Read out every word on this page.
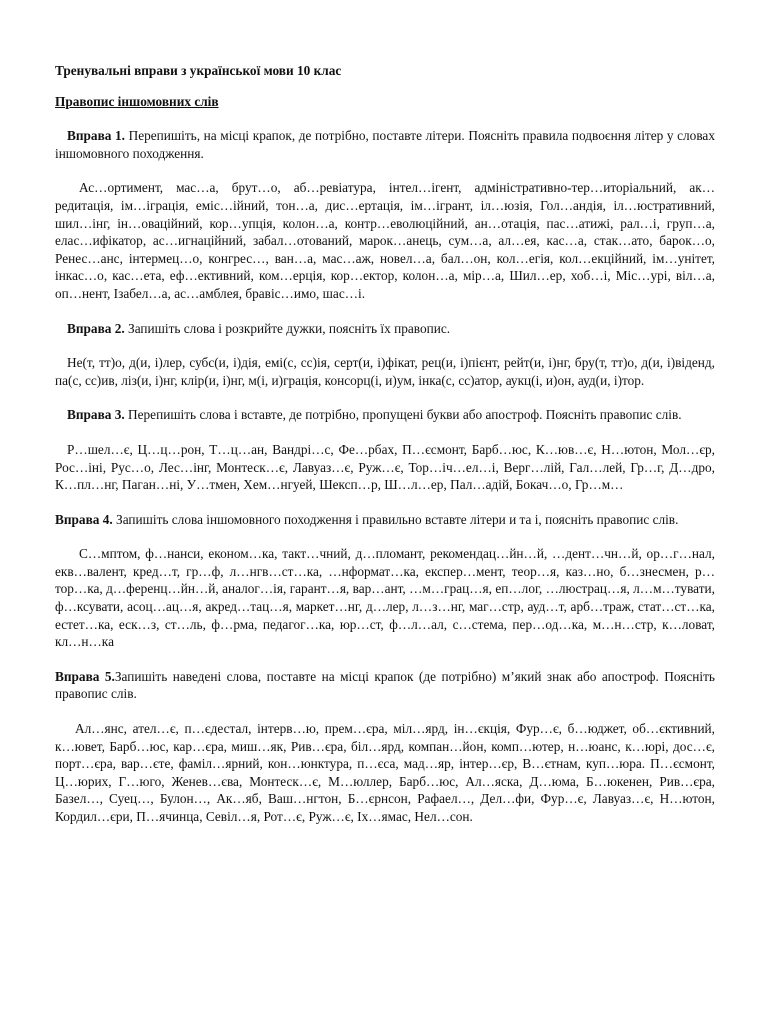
Тренувальні вправи з української мови 10 клас
Правопис іншомовних слів
Вправа 1. Перепишіть, на місці крапок, де потрібно, поставте літери. Поясніть правила подвоєння літер у словах іншомовного походження.
Ас…ортимент, мас…а, брут…о, аб…ревіатура, інтел…ігент, адміністративно-тер…иторіальний, ак…редитація, ім…іграція, еміс…ійний, тон…а, дис…ертація, ім…ігрант, іл…юзія, Гол…андія, іл…юстративний, шил…інг, ін…оваційний, кор…упція, колон…а, контр…еволюційний, ан…отація, пас…атижі, рал…і, груп…а, елас…ифікатор, ас…игнаційний, забал…отований, марок…анець, сум…а, ал…ея, кас…а, стак…ато, барок…о, Ренес…анс, інтермец…о, конгрес…, ван…а, мас…аж, новел…а, бал…он, кол…егія, кол…екційний, ім…унітет, інкас…о, кас…ета, еф…ективний, ком…ерція, кор…ектор, колон…а, мір…а, Шил…ер, хоб…і, Міс…урі, віл…а, оп…нент, Ізабел…а, ас…амблея, бравіс…имо, шас…і.
Вправа 2. Запишіть слова і розкрийте дужки, поясніть їх правопис.
Не(т, тт)о, д(и, і)лер, субс(и, і)дія, емі(с, сс)ія, серт(и, і)фікат, рец(и, і)пієнт, рейт(и, і)нг, бру(т, тт)о, д(и, і)віденд, па(с, сс)ив, ліз(и, і)нг, клір(и, і)нг, м(і, и)грація, консорц(і, и)ум, інка(с, сс)атор, аукц(і, и)он, ауд(и, і)тор.
Вправа 3. Перепишіть слова і вставте, де потрібно, пропущені букви або апостроф. Поясніть правопис слів.
Р…шел…є, Ц…ц…рон, Т…ц…ан, Вандрі…с, Фе…рбах, П…єсмонт, Барб…юс, К…юв…є, Н…ютон, Мол…єр, Рос…іні, Рус…о, Лес…інг, Монтеск…є, Лавуаз…є, Руж…є, Тор…іч…ел…і, Верг…лій, Гал…лей, Гр…г, Д…дро, К…пл…нг, Паган…ні, У…тмен, Хем…нгуей, Шексп…р, Ш…л…ер, Пал…адій, Бокач…о, Гр…м…
Вправа 4. Запишіть слова іншомовного походження і правильно вставте літери и та і, поясніть правопис слів.
С…мптом, ф…нанси, економ…ка, такт…чний, д…пломант, рекомендац…йн…й, …дент…чн…й, ор…г…нал, екв…валент, кред…т, гр…ф, л…нгв…ст…ка, …нформат…ка, експер…мент, теор…я, каз…но, б…знесмен, р…тор…ка, д…ференц…йн…й, аналог…ія, гарант…я, вар…ант, …м…грац…я, еп…лог, …люстрац…я, л…м…тувати, ф…ксувати, асоц…ац…я, акред…тац…я, маркет…нг, д…лер, л…з…нг, маг…стр, ауд…т, арб…траж, стат…ст…ка, естет…ка, еск…з, ст…ль, ф…рма, педагог…ка, юр…ст, ф…л…ал, с…стема, пер…од…ка, м…н…стр, к…ловат, кл…н…ка
Вправа 5.Запишіть наведені слова, поставте на місці крапок (де потрібно) м’який знак або апостроф. Поясніть правопис слів.
Ал…янс, ател…є, п…єдестал, інтерв…ю, прем…єра, міл…ярд, ін…єкція, Фур…є, б…юджет, об…єктивний, к…ювет, Барб…юс, кар…єра, миш…як, Рив…єра, біл…ярд, компан…йон, комп…ютер, н…юанс, к…юрі, дос…є, порт…єра, вар…єте, фаміл…ярний, кон…юнктура, п…єса, мад…яр, інтер…єр, В…єтнам, куп…юра. П…єсмонт, Ц…юрих, Г…юго, Женев…єва, Монтеск…є, М…юллер, Барб…юс, Ал…яска, Д…юма, Б…юкенен, Рив…єра, Базел…, Суец…, Булон…, Ак…яб, Ваш…нгтон, Б…єрнсон, Рафаел…, Дел…фи, Фур…є, Лавуаз…є, Н…ютон, Кордил…єри, П…ячинца, Севіл…я, Рот…є, Руж…є, Іх…ямас, Нел…сон.
